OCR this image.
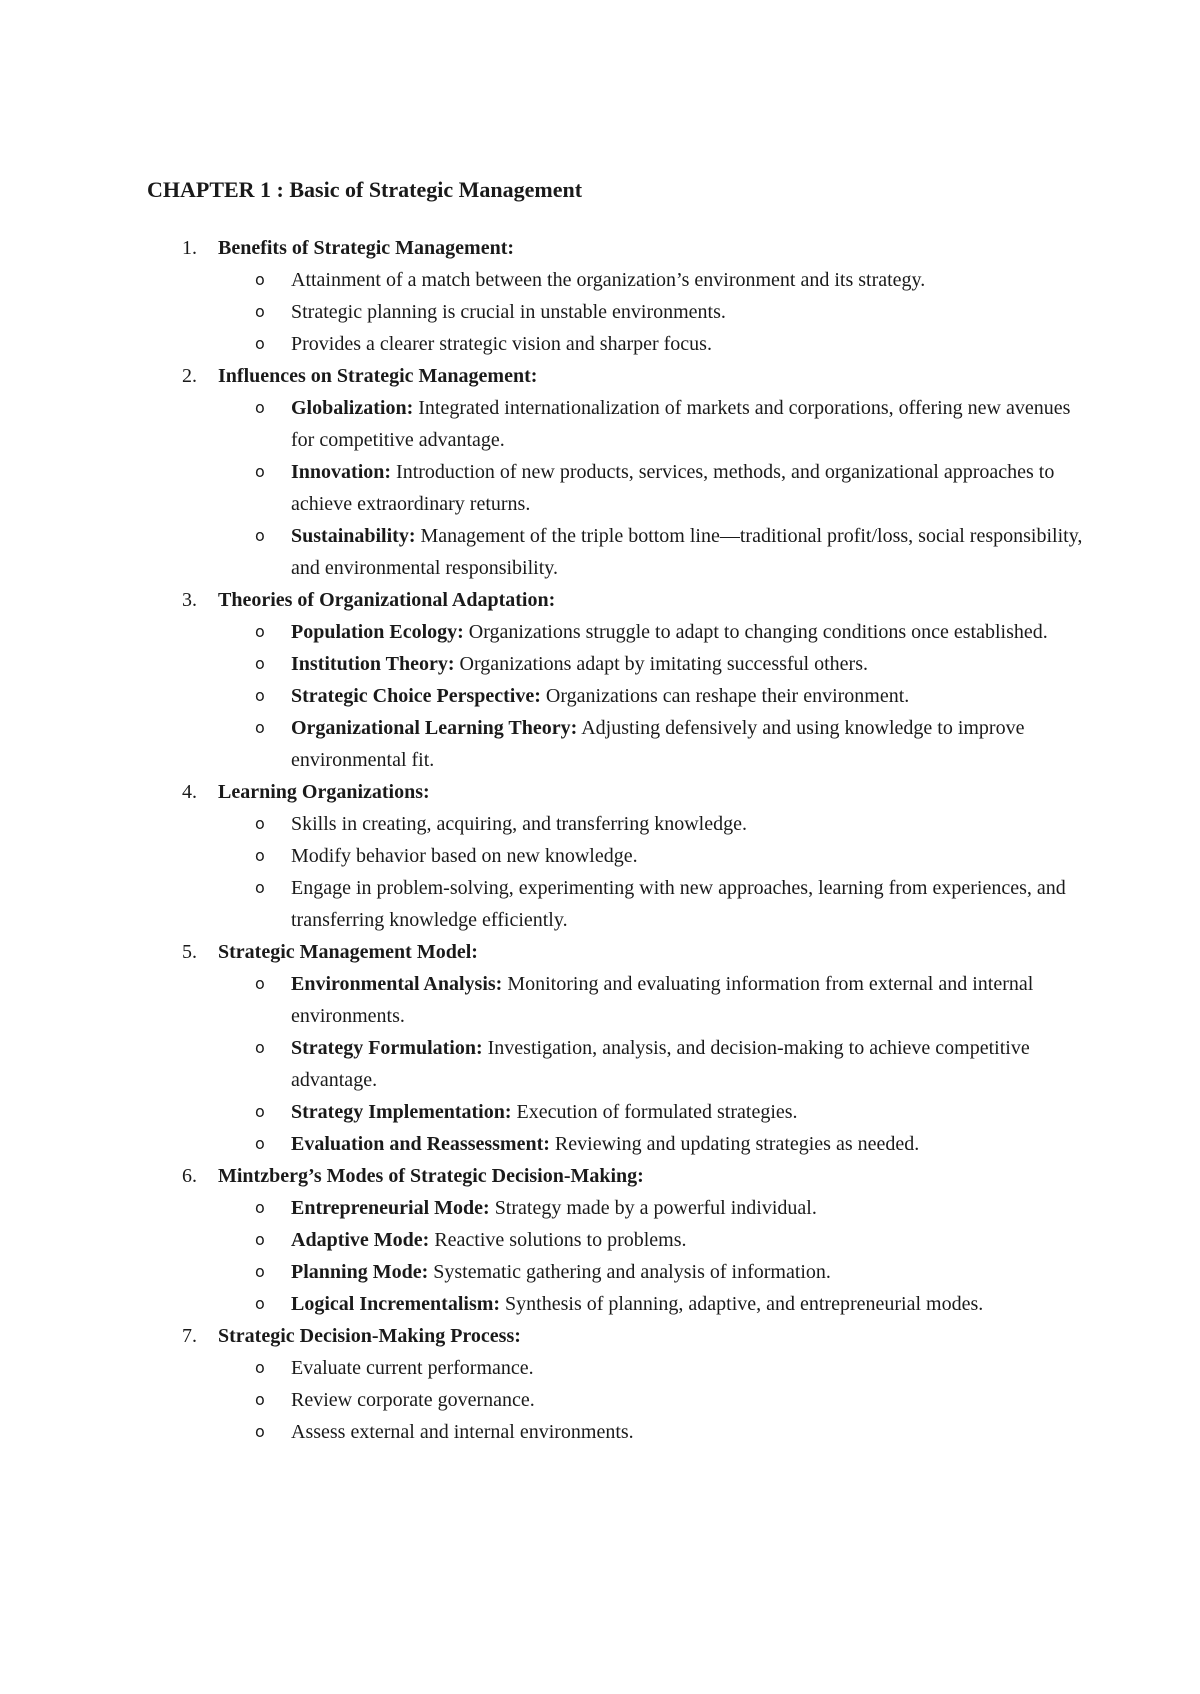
CHAPTER 1 : Basic of Strategic Management
1. Benefits of Strategic Management:
o Attainment of a match between the organization’s environment and its strategy.
o Strategic planning is crucial in unstable environments.
o Provides a clearer strategic vision and sharper focus.
2. Influences on Strategic Management:
o Globalization: Integrated internationalization of markets and corporations, offering new avenues for competitive advantage.
o Innovation: Introduction of new products, services, methods, and organizational approaches to achieve extraordinary returns.
o Sustainability: Management of the triple bottom line—traditional profit/loss, social responsibility, and environmental responsibility.
3. Theories of Organizational Adaptation:
o Population Ecology: Organizations struggle to adapt to changing conditions once established.
o Institution Theory: Organizations adapt by imitating successful others.
o Strategic Choice Perspective: Organizations can reshape their environment.
o Organizational Learning Theory: Adjusting defensively and using knowledge to improve environmental fit.
4. Learning Organizations:
o Skills in creating, acquiring, and transferring knowledge.
o Modify behavior based on new knowledge.
o Engage in problem-solving, experimenting with new approaches, learning from experiences, and transferring knowledge efficiently.
5. Strategic Management Model:
o Environmental Analysis: Monitoring and evaluating information from external and internal environments.
o Strategy Formulation: Investigation, analysis, and decision-making to achieve competitive advantage.
o Strategy Implementation: Execution of formulated strategies.
o Evaluation and Reassessment: Reviewing and updating strategies as needed.
6. Mintzberg’s Modes of Strategic Decision-Making:
o Entrepreneurial Mode: Strategy made by a powerful individual.
o Adaptive Mode: Reactive solutions to problems.
o Planning Mode: Systematic gathering and analysis of information.
o Logical Incrementalism: Synthesis of planning, adaptive, and entrepreneurial modes.
7. Strategic Decision-Making Process:
o Evaluate current performance.
o Review corporate governance.
o Assess external and internal environments.
